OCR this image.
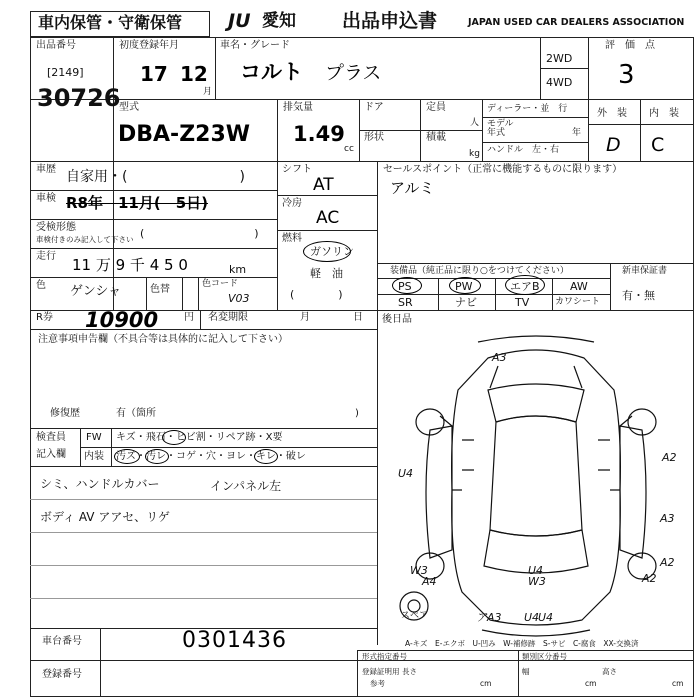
車内保管・守衛保管 JU 愛知 出品申込書	JAPAN USED CAR DEALERS ASSOCIATION
出品番号
[2149]
30726
初度登録年月
17 12
月
車名・グレード
コルト プラス
2WD
4WD
評　価　点
3
型式
DBA-Z23W
排気量
1.49
cc
ドア
形状
定員
人
積載
kg
ディーラー・並　行
モデル
年式	年
ハンドル　左・右
外　装 内　装
D C
車歴 自家用・(　　　　　　　　)
車検 R8年　11月(　5日)
受検形態
車検付きのみ記入して下さい (　　　　　　　　　　)
走行 11 万 9 千 4 5 0	km
色 ゲンシャ	色替	色コード
V03
シフト
AT
冷房
AC
燃料
ガソリン
軽　油
(　　　　)
セールスポイント（正常に機能するものに限ります）
アルミ
装備品（純正品に限り○をつけてください）
PS	PW	エアB	AW
SR	ナビ	TV	カワシート
新車保証書
有・無
R券 10900	円 名変期限	月	日 後日品
注意事項申告欄（不具合等は具体的に記入して下さい）
修復歴	有（箇所	)
検査員
記入欄
FW キズ・飛石・ヒビ割・リペア跡・X要
内装 汚ズ・汚レ・コゲ・穴・ヨレ・キレ・破レ
シミ、ハンドルカバー	インパネル左
ボディ AV アアセ、リゲ
A3
A2
U4
A3
U4
W3
A4
A2
A2
U4
W3
アA3	U4
スペア
A-キズ　E-エクボ　U-凹み　W-補修跡　S-サビ　C-腐食　XX-交換済
車台番号	0301436
登録番号
形式指定番号
登録証明用
参考
長さ
cm
幅
cm
高さ
cm
類別区分番号
